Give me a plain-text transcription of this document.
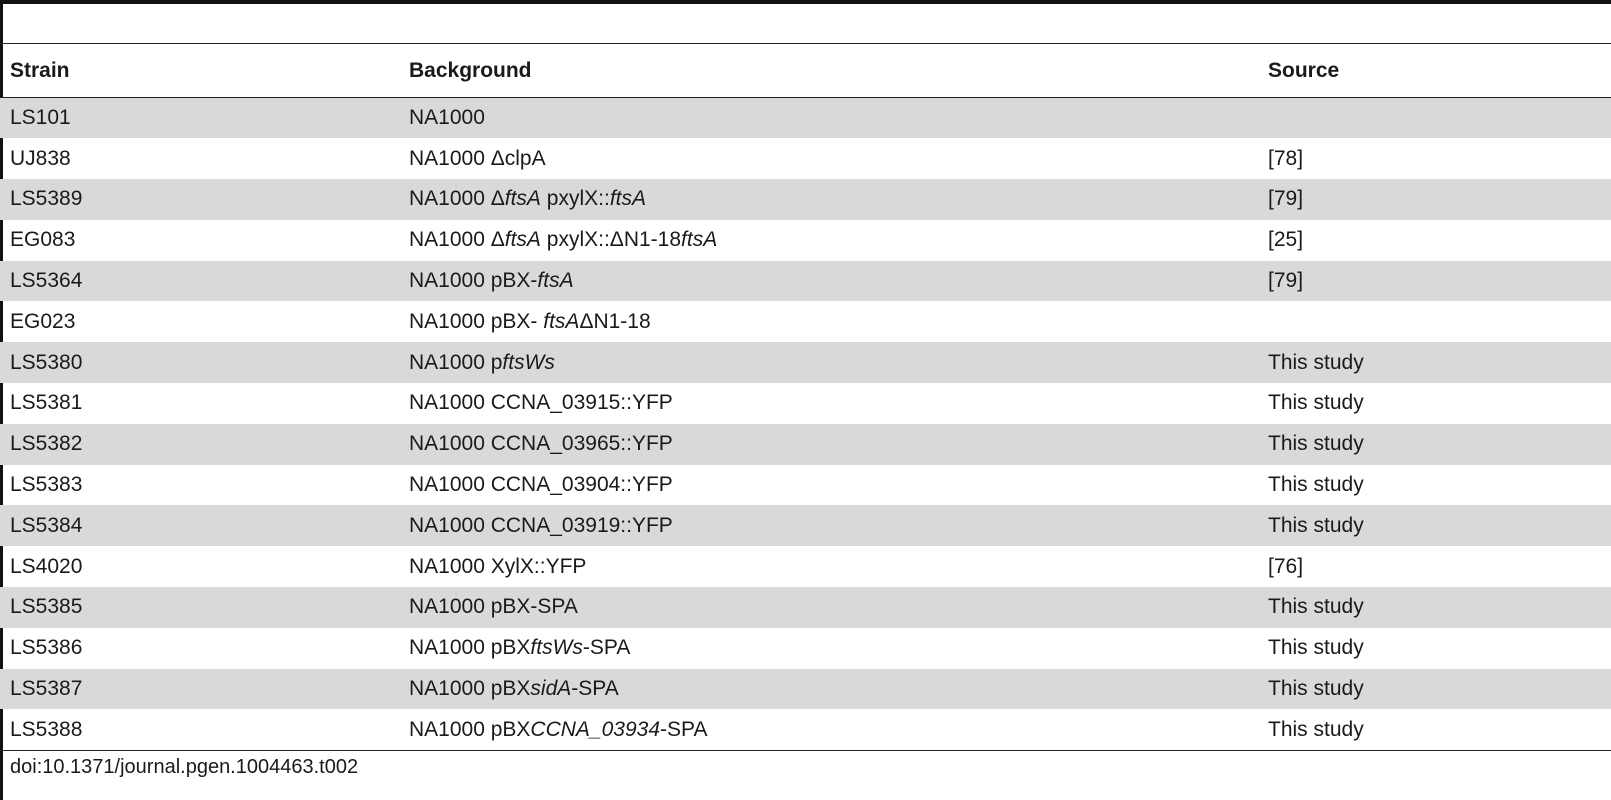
Strain	Background	Source
LS101	NA1000	
UJ838	NA1000 ΔclpA	[78]
LS5389	NA1000 ΔftsA pxylX::ftsA	[79]
EG083	NA1000 ΔftsA pxylX::ΔN1-18ftsA	[25]
LS5364	NA1000 pBX-ftsA	[79]
EG023	NA1000 pBX- ftsAΔN1-18	
LS5380	NA1000 pftsWs	This study
LS5381	NA1000 CCNA_03915::YFP	This study
LS5382	NA1000 CCNA_03965::YFP	This study
LS5383	NA1000 CCNA_03904::YFP	This study
LS5384	NA1000 CCNA_03919::YFP	This study
LS4020	NA1000 XylX::YFP	[76]
LS5385	NA1000 pBX-SPA	This study
LS5386	NA1000 pBXftsWs-SPA	This study
LS5387	NA1000 pBXsidA-SPA	This study
LS5388	NA1000 pBXCCNA_03934-SPA	This study
doi:10.1371/journal.pgen.1004463.t002
